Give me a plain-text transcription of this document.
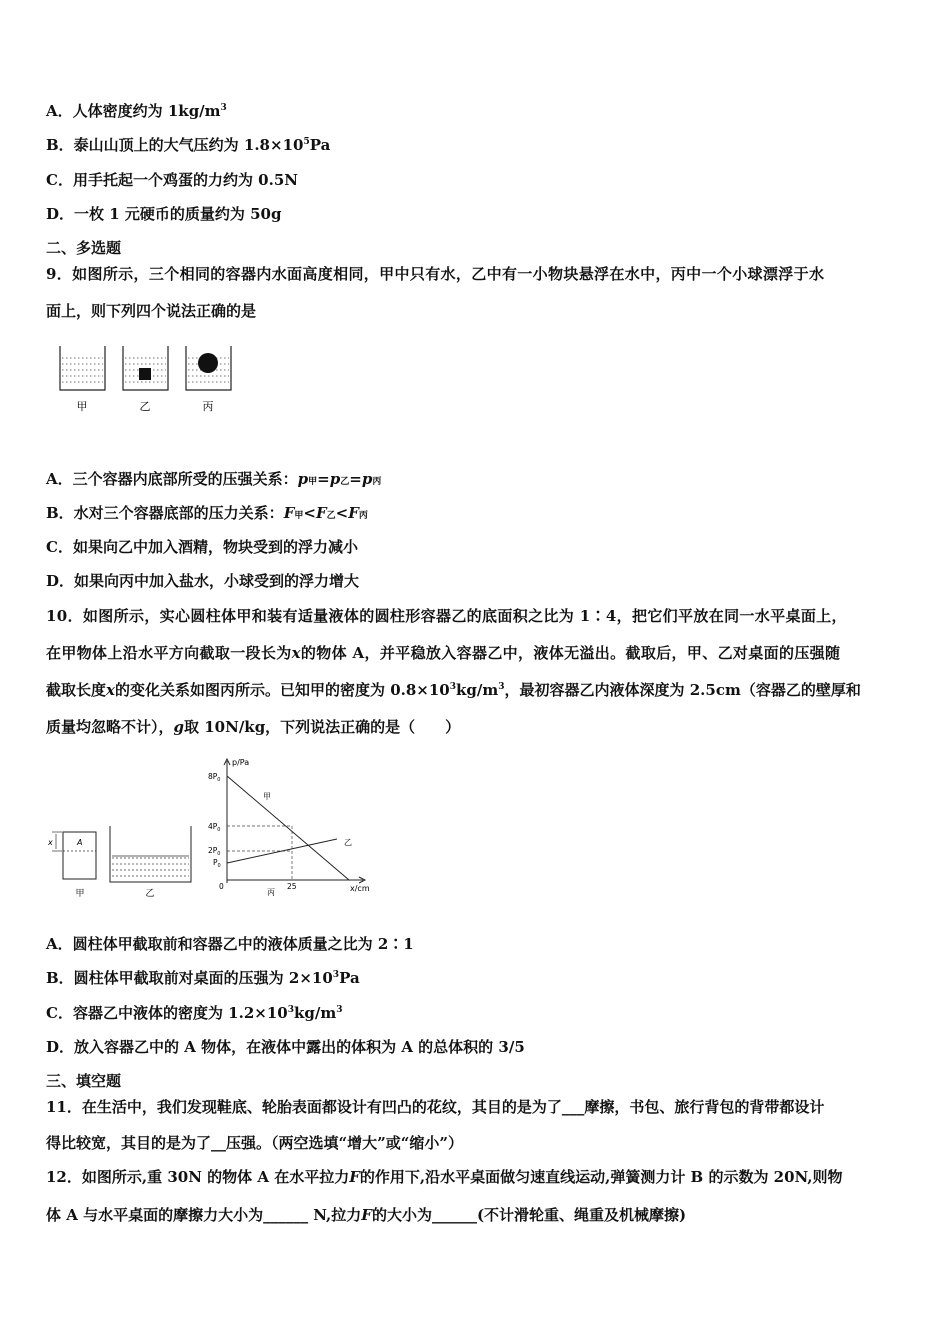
A．人体密度约为 $1kg/m^3$
B．泰山山顶上的大气压约为 $1.8\times 10^5Pa$
C．用手托起一个鸡蛋的力约为 0.5N
D．一枚 1 元硬币的质量约为 50g
二、多选题
9．如图所示，三个相同的容器内水面高度相同，甲中只有水，乙中有一小物块悬浮在水中，丙中一个小球漂浮于水
面上，则下列四个说法正确的是
甲	乙	丙
A．三个容器内底部所受的压强关系：p甲=p乙=p丙
B．水对三个容器底部的压力关系：F甲<F乙<F丙
C．如果向乙中加入酒精，物块受到的浮力减小
D．如果向丙中加入盐水，小球受到的浮力增大
10．如图所示，实心圆柱体甲和装有适量液体的圆柱形容器乙的底面积之比为 1∶4，把它们平放在同一水平桌面上，
在甲物体上沿水平方向截取一段长为x的物体 A，并平稳放入容器乙中，液体无溢出。截取后，甲、乙对桌面的压强随
截取长度x的变化关系如图丙所示。已知甲的密度为 $0.8\times 10^3kg/m^3$，最初容器乙内液体深度为 2.5cm（容器乙的壁厚和
质量均忽略不计），g取 10N/kg，下列说法正确的是（　　）
x	A
甲	乙
p/Pa
x/cm
$8P_0$
$4P_0$
$2P_0$
$P_0$
0	25
甲
乙
丙
A．圆柱体甲截取前和容器乙中的液体质量之比为 2∶1
B．圆柱体甲截取前对桌面的压强为 $2\times 10^3Pa$
C．容器乙中液体的密度为 $1.2\times 10^3kg/m^3$
D．放入容器乙中的 A 物体，在液体中露出的体积为 A 的总体积的 3/5
三、填空题
11．在生活中，我们发现鞋底、轮胎表面都设计有凹凸的花纹，其目的是为了___摩擦，书包、旅行背包的背带都设计
得比较宽，其目的是为了__压强。（两空选填“增大”或“缩小”）
12．如图所示,重 30N 的物体 A 在水平拉力F的作用下,沿水平桌面做匀速直线运动,弹簧测力计 B 的示数为 20N,则物
体 A 与水平桌面的摩擦力大小为______ N,拉力F的大小为______(不计滑轮重、绳重及机械摩擦)
